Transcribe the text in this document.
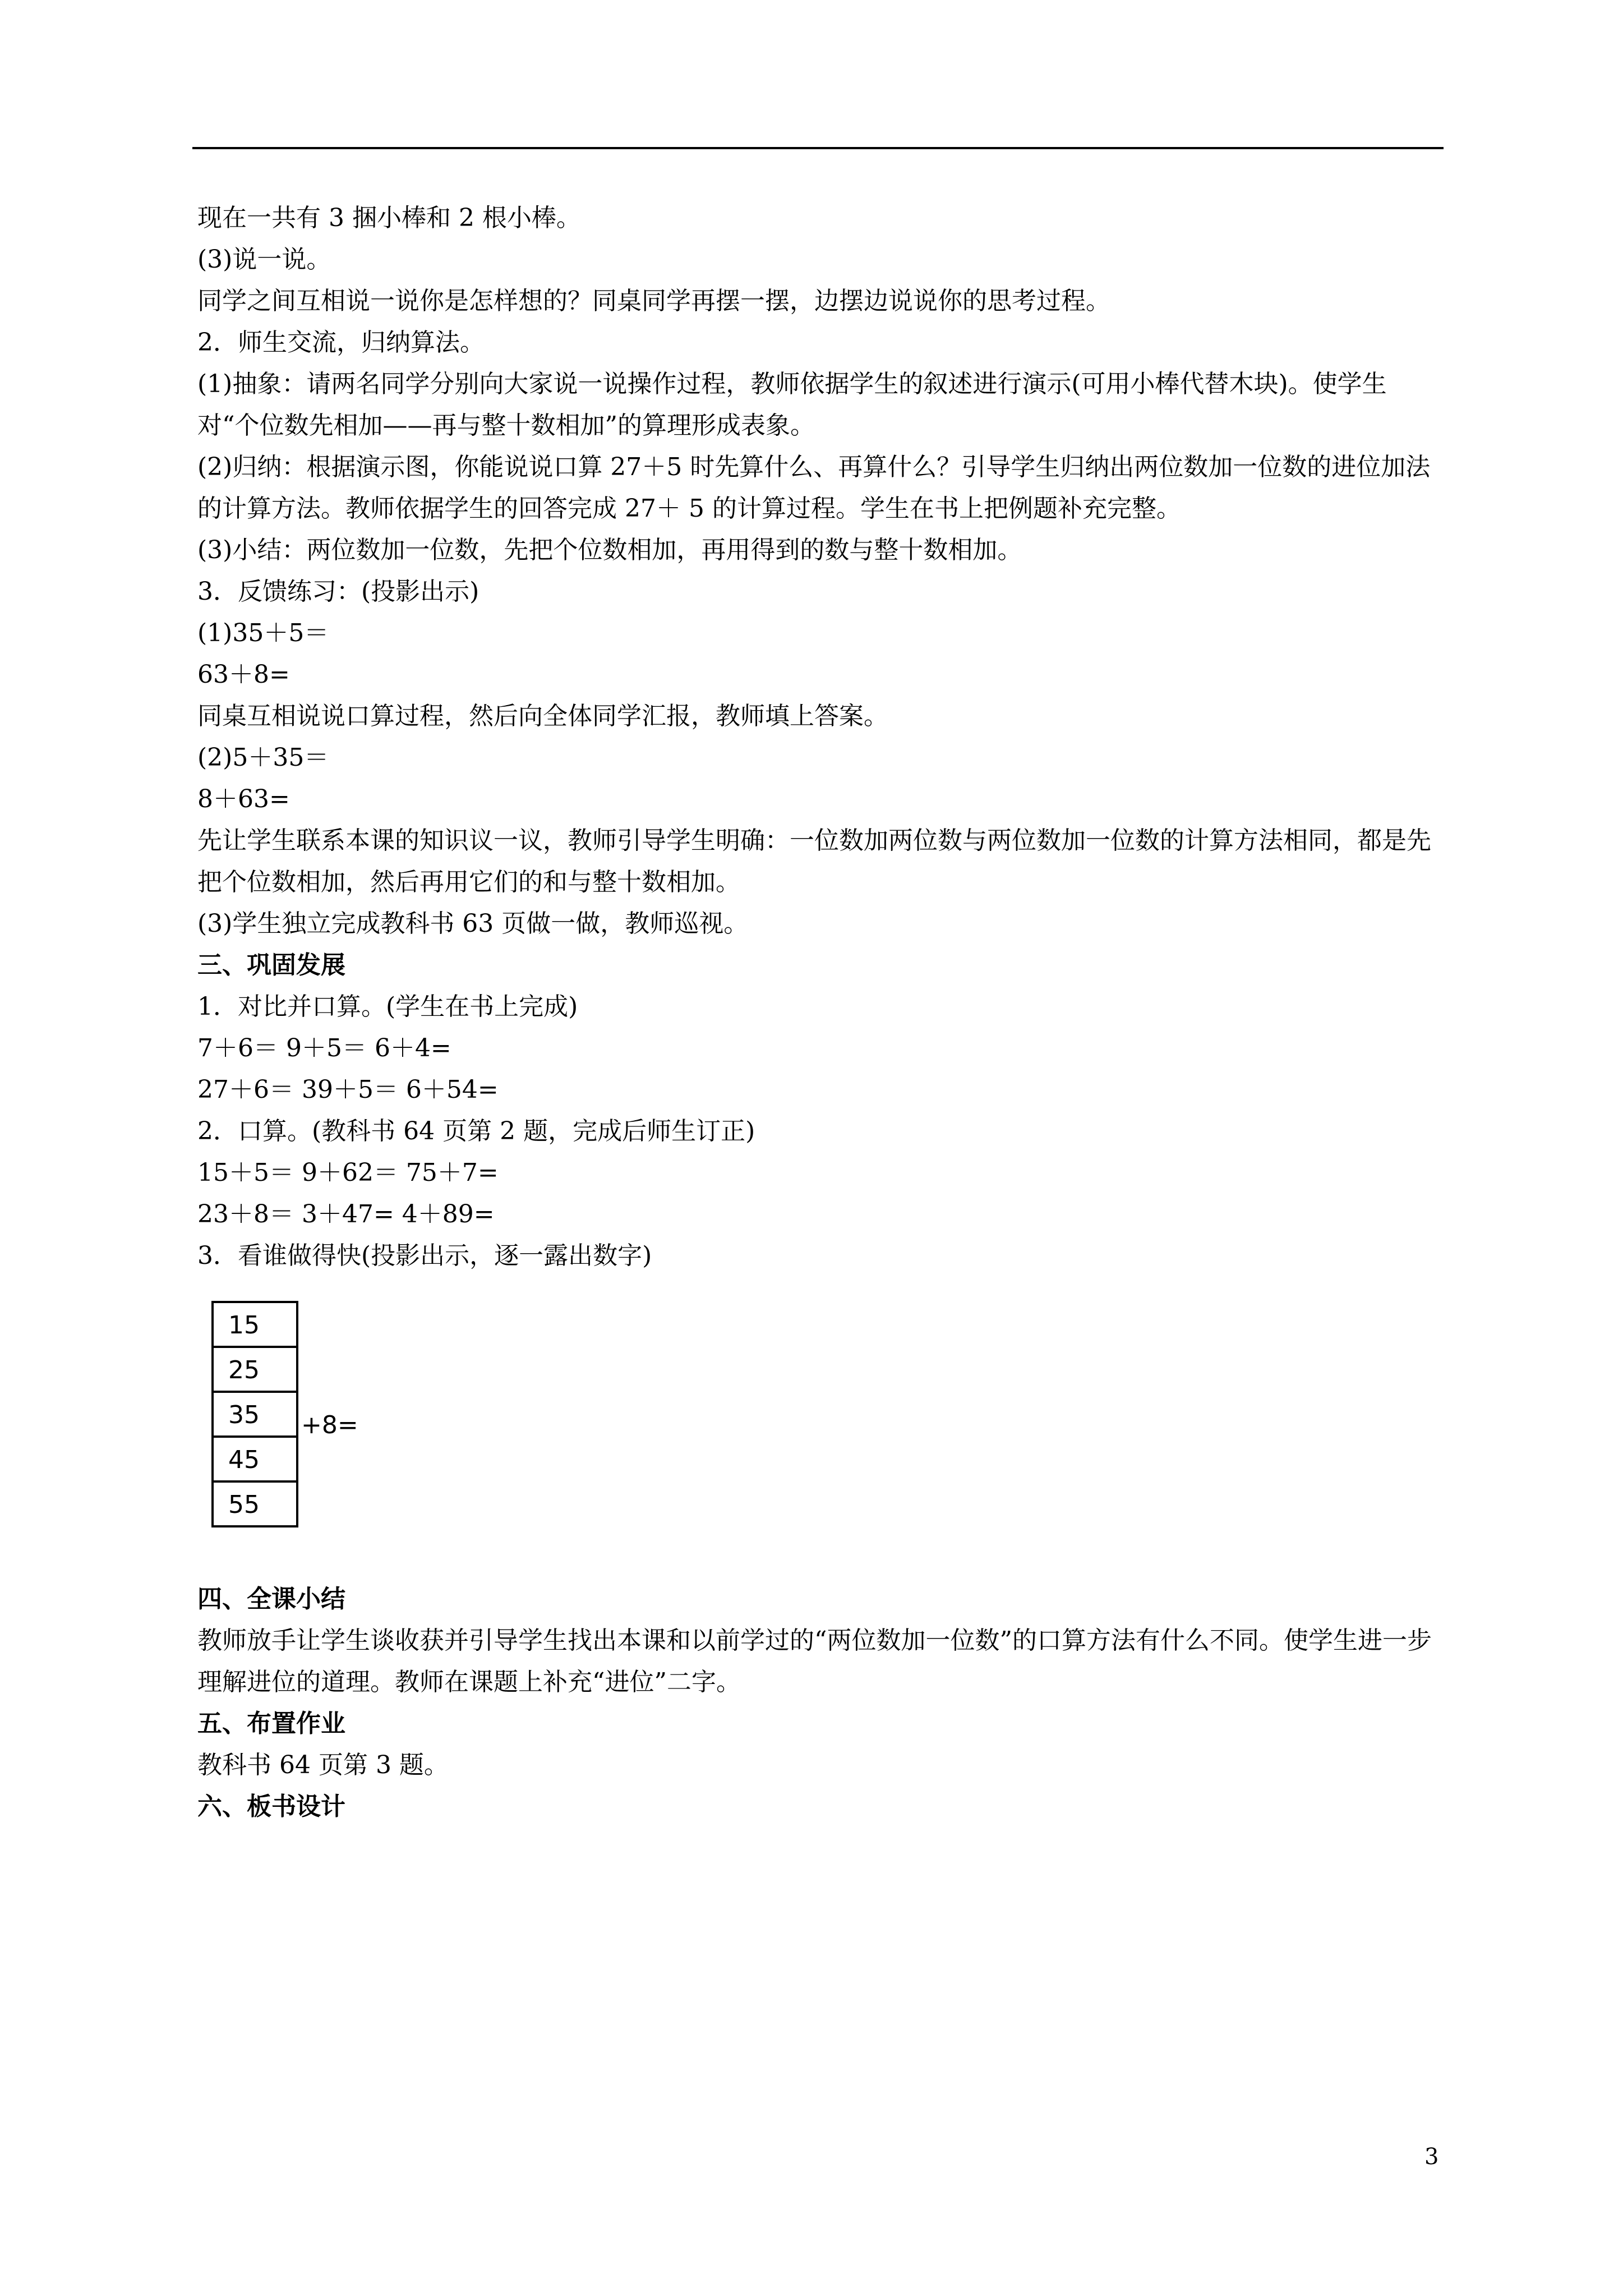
现在一共有 3 捆小棒和 2 根小棒。

(3)说一说。

同学之间互相说一说你是怎样想的？同桌同学再摆一摆，边摆边说说你的思考过程。

2．师生交流，归纳算法。

(1)抽象：请两名同学分别向大家说一说操作过程，教师依据学生的叙述进行演示(可用小棒代替木块)。使学生对“个位数先相加——再与整十数相加”的算理形成表象。

(2)归纳：根据演示图，你能说说口算 27＋5 时先算什么、再算什么？引导学生归纳出两位数加一位数的进位加法的计算方法。教师依据学生的回答完成 27＋ 5 的计算过程。学生在书上把例题补充完整。

(3)小结：两位数加一位数，先把个位数相加，再用得到的数与整十数相加。

3．反馈练习：(投影出示)

(1)35＋5＝

63＋8=

同桌互相说说口算过程，然后向全体同学汇报，教师填上答案。

(2)5＋35＝

8＋63=

先让学生联系本课的知识议一议，教师引导学生明确：一位数加两位数与两位数加一位数的计算方法相同，都是先把个位数相加，然后再用它们的和与整十数相加。

(3)学生独立完成教科书 63 页做一做，教师巡视。

三、巩固发展

1．对比并口算。(学生在书上完成)

7＋6＝ 9＋5＝ 6＋4=

27＋6＝ 39＋5＝ 6＋54=

2．口算。(教科书 64 页第 2 题，完成后师生订正)

15＋5＝ 9＋62＝ 75＋7=

23＋8＝ 3＋47= 4＋89=

3．看谁做得快(投影出示，逐一露出数字)

15
25
35
45
55
+8=

四、全课小结

教师放手让学生谈收获并引导学生找出本课和以前学过的“两位数加一位数”的口算方法有什么不同。使学生进一步理解进位的道理。教师在课题上补充“进位”二字。

五、布置作业

教科书 64 页第 3 题。

六、板书设计

3
